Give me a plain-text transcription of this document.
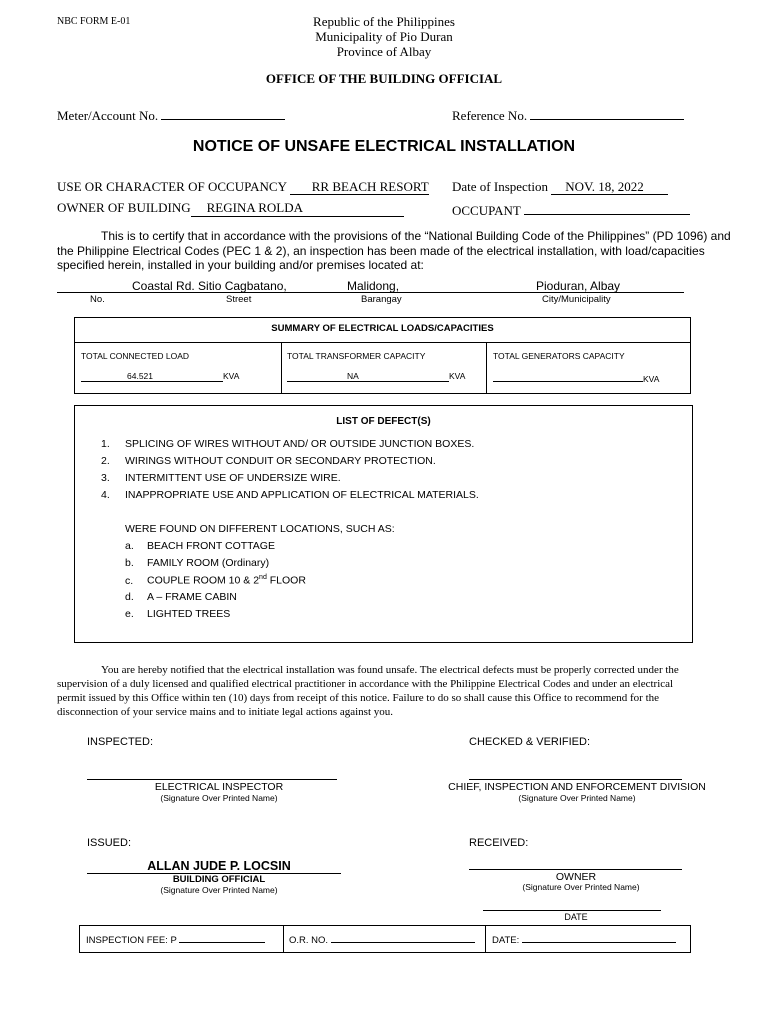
NBC FORM E-01	Republic of the Philippines
Municipality of Pio Duran
Province of Albay
OFFICE OF THE BUILDING OFFICIAL
Meter/Account No.	Reference No.
NOTICE OF UNSAFE ELECTRICAL INSTALLATION
USE OR CHARACTER OF OCCUPANCY RR BEACH RESORT Date of Inspection NOV. 18, 2022
OWNER OF BUILDING REGINA ROLDA	OCCUPANT
This is to certify that in accordance with the provisions of the “National Building Code of the Philippines” (PD 1096) and
the Philippine Electrical Codes (PEC 1 & 2), an inspection has been made of the electrical installation, with load/capacities
specified herein, installed in your building and/or premises located at:
Coastal Rd. Sitio Cagbatano,	Malidong,	Pioduran, Albay
No.	Street	Barangay	City/Municipality
SUMMARY OF ELECTRICAL LOADS/CAPACITIES
TOTAL CONNECTED LOAD
64.521	KVA
TOTAL TRANSFORMER CAPACITY
NA	KVA
TOTAL GENERATORS CAPACITY
KVA
LIST OF DEFECT(S)
1. SPLICING OF WIRES WITHOUT AND/ OR OUTSIDE JUNCTION BOXES.
2. WIRINGS WITHOUT CONDUIT OR SECONDARY PROTECTION.
3. INTERMITTENT USE OF UNDERSIZE WIRE.
4. INAPPROPRIATE USE AND APPLICATION OF ELECTRICAL MATERIALS.
WERE FOUND ON DIFFERENT LOCATIONS, SUCH AS:
a. BEACH FRONT COTTAGE
b. FAMILY ROOM (Ordinary)
c. COUPLE ROOM 10 & 2nd FLOOR
d. A – FRAME CABIN
e. LIGHTED TREES
You are hereby notified that the electrical installation was found unsafe. The electrical defects must be properly corrected under the
supervision of a duly licensed and qualified electrical practitioner in accordance with the Philippine Electrical Codes and under an electrical
permit issued by this Office within ten (10) days from receipt of this notice. Failure to do so shall cause this Office to recommend for the
disconnection of your service mains and to initiate legal actions against you.
INSPECTED:	CHECKED & VERIFIED:
ELECTRICAL INSPECTOR
(Signature Over Printed Name)
CHIEF, INSPECTION AND ENFORCEMENT DIVISION
(Signature Over Printed Name)
ISSUED:	RECEIVED:
ALLAN JUDE P. LOCSIN
BUILDING OFFICIAL
(Signature Over Printed Name)
OWNER
(Signature Over Printed Name)
DATE
INSPECTION FEE: P	O.R. NO.	DATE:
